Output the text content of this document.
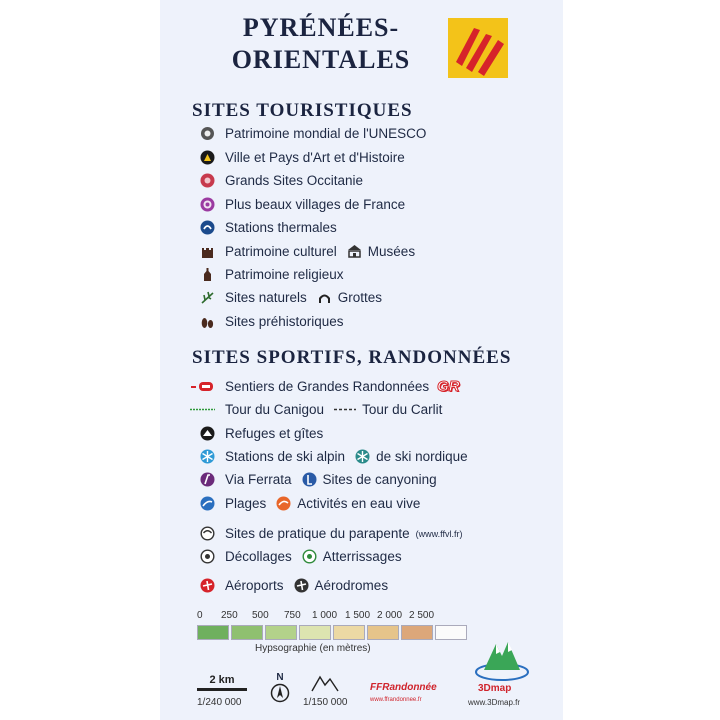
PYRÉNÉES-
ORIENTALES
SITES TOURISTIQUES
Patrimoine mondial de l'UNESCO
Ville et Pays d'Art et d'Histoire
Grands Sites Occitanie
Plus beaux villages de France
Stations thermales
Patrimoine culturel Musées
Patrimoine religieux
Sites naturels Grottes
Sites préhistoriques
SITES SPORTIFS, RANDONNÉES
Sentiers de Grandes Randonnées GR
Tour du Canigou	Tour du Carlit
Refuges et gîtes
Stations de ski alpin de ski nordique
Via Ferrata Sites de canyoning
Plages Activités en eau vive
Sites de pratique du parapente (www.ffvl.fr)
Décollages Atterrissages
Aéroports Aérodromes
0 250 500 750 1 000 1 500 2 000 2 500
Hypsographie (en mètres)
2 km
1/240 000
N
1/150 000
FFRandonnée
www.ffrandonnee.fr
3Dmap
www.3Dmap.fr
